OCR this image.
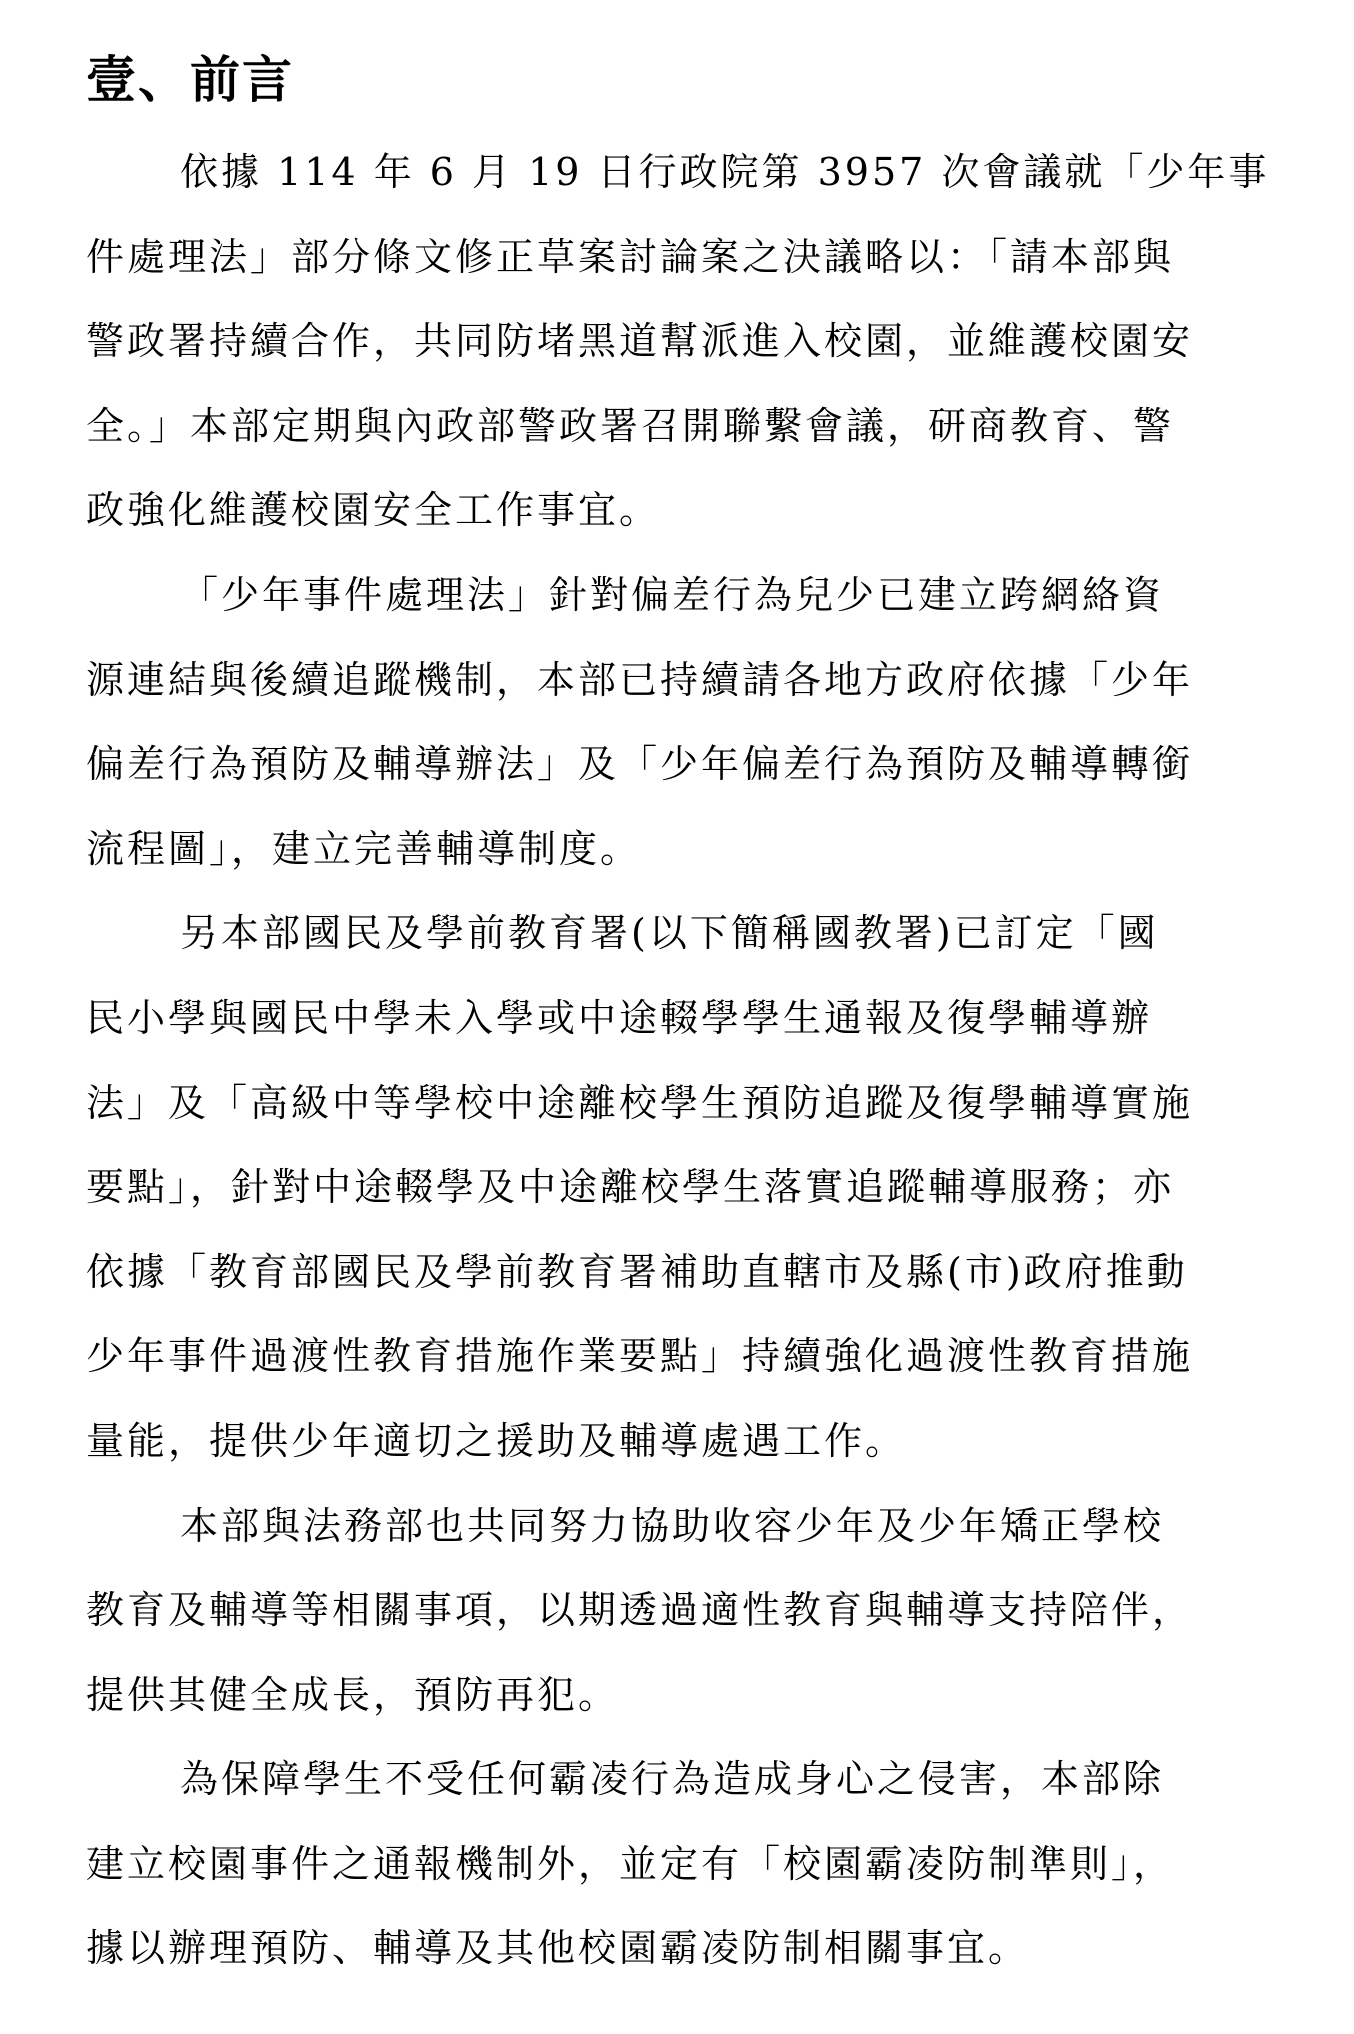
壹、前言
依據 114 年 6 月 19 日行政院第 3957 次會議就「少年事
件處理法」部分條文修正草案討論案之決議略以：「請本部與
警政署持續合作，共同防堵黑道幫派進入校園，並維護校園安
全。」本部定期與內政部警政署召開聯繫會議，研商教育、警
政強化維護校園安全工作事宜。
「少年事件處理法」針對偏差行為兒少已建立跨網絡資
源連結與後續追蹤機制，本部已持續請各地方政府依據「少年
偏差行為預防及輔導辦法」及「少年偏差行為預防及輔導轉銜
流程圖」，建立完善輔導制度。
另本部國民及學前教育署(以下簡稱國教署)已訂定「國
民小學與國民中學未入學或中途輟學學生通報及復學輔導辦
法」及「高級中等學校中途離校學生預防追蹤及復學輔導實施
要點」，針對中途輟學及中途離校學生落實追蹤輔導服務；亦
依據「教育部國民及學前教育署補助直轄市及縣(市)政府推動
少年事件過渡性教育措施作業要點」持續強化過渡性教育措施
量能，提供少年適切之援助及輔導處遇工作。
本部與法務部也共同努力協助收容少年及少年矯正學校
教育及輔導等相關事項，以期透過適性教育與輔導支持陪伴，
提供其健全成長，預防再犯。
為保障學生不受任何霸凌行為造成身心之侵害，本部除
建立校園事件之通報機制外，並定有「校園霸凌防制準則」，
據以辦理預防、輔導及其他校園霸凌防制相關事宜。
